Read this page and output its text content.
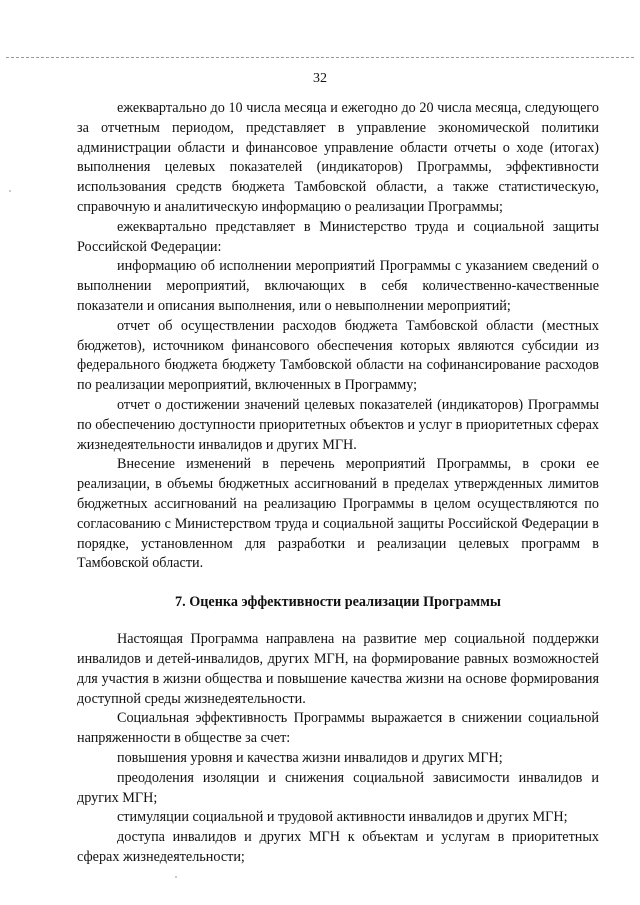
32

ежеквартально до 10 числа месяца и ежегодно до 20 числа месяца, следующего за отчетным периодом, представляет в управление экономической политики администрации области и финансовое управление области отчеты о ходе (итогах) выполнения целевых показателей (индикаторов) Программы, эффективности использования средств бюджета Тамбовской области, а также статистическую, справочную и аналитическую информацию о реализации Программы;

ежеквартально представляет в Министерство труда и социальной защиты Российской Федерации:

информацию об исполнении мероприятий Программы с указанием сведений о выполнении мероприятий, включающих в себя количественно-качественные показатели и описания выполнения, или о невыполнении мероприятий;

отчет об осуществлении расходов бюджета Тамбовской области (местных бюджетов), источником финансового обеспечения которых являются субсидии из федерального бюджета бюджету Тамбовской области на софинансирование расходов по реализации мероприятий, включенных в Программу;

отчет о достижении значений целевых показателей (индикаторов) Программы по обеспечению доступности приоритетных объектов и услуг в приоритетных сферах жизнедеятельности инвалидов и других МГН.

Внесение изменений в перечень мероприятий Программы, в сроки ее реализации, в объемы бюджетных ассигнований в пределах утвержденных лимитов бюджетных ассигнований на реализацию Программы в целом осуществляются по согласованию с Министерством труда и социальной защиты Российской Федерации в порядке, установленном для разработки и реализации целевых программ в Тамбовской области.

7. Оценка эффективности реализации Программы

Настоящая Программа направлена на развитие мер социальной поддержки инвалидов и детей-инвалидов, других МГН, на формирование равных возможностей для участия в жизни общества и повышение качества жизни на основе формирования доступной среды жизнедеятельности.

Социальная эффективность Программы выражается в снижении социальной напряженности в обществе за счет:

повышения уровня и качества жизни инвалидов и других МГН;

преодоления изоляции и снижения социальной зависимости инвалидов и других МГН;

стимуляции социальной и трудовой активности инвалидов и других МГН;

доступа инвалидов и других МГН к объектам и услугам в приоритетных сферах жизнедеятельности;
